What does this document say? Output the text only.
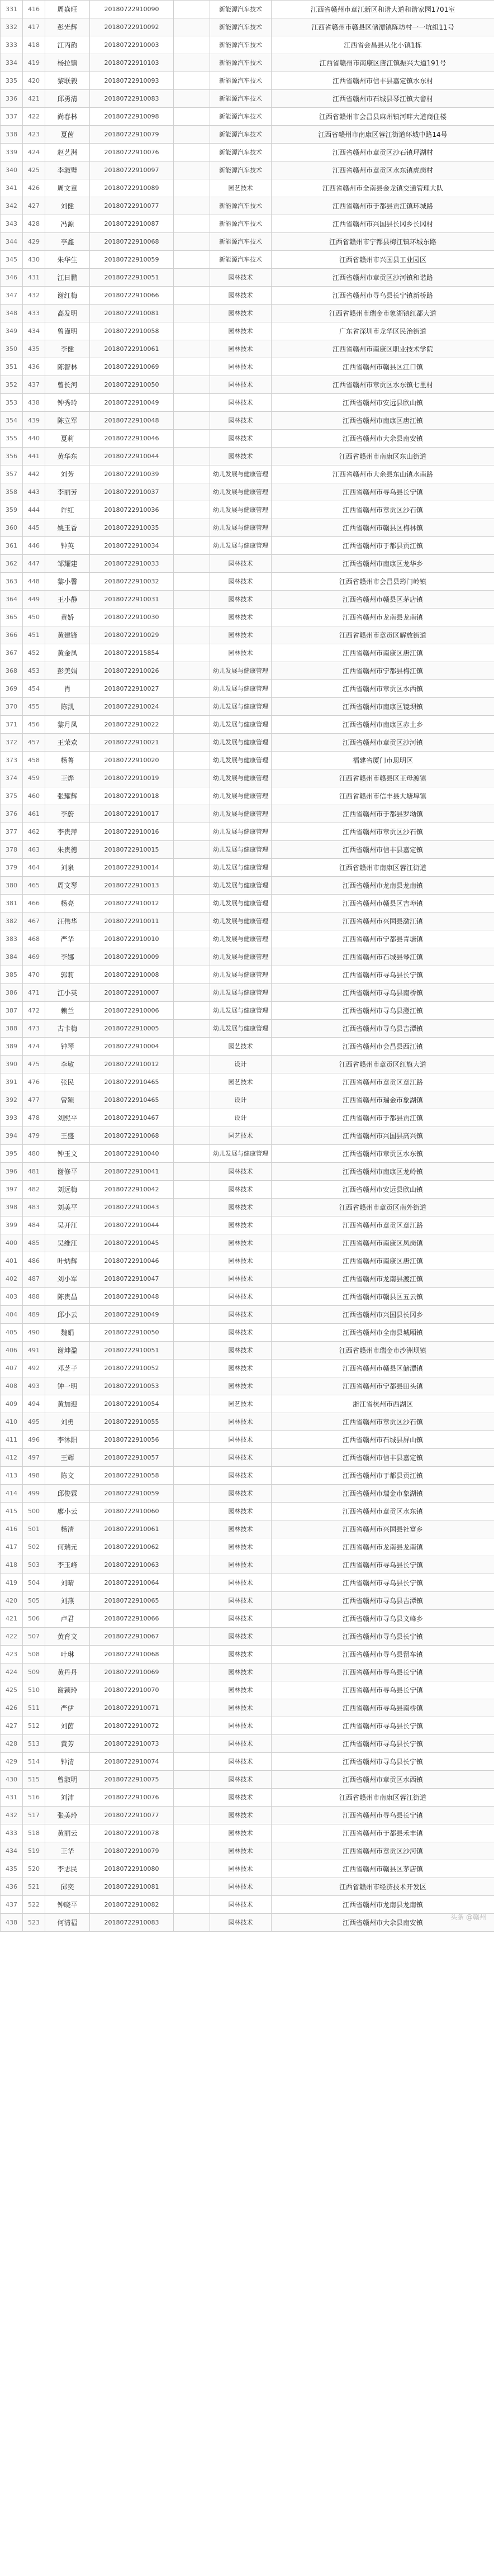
331	416	周焱旺	20180722910090		新能源汽车技术	江西省赣州市章江新区和谐大道和谐家园1701室
332	417	彭光辉	20180722910092		新能源汽车技术	江西省赣州市赣县区储潭镇陈坊村一一坑组11号
333	418	江丙韵	20180722910003		新能源汽车技术	江西省会昌县从化小镇1栋
334	419	杨拉镇	20180722910103		新能源汽车技术	江西省赣州市南康区唐江镇振兴大道191号
335	420	黎联毅	20180722910093		新能源汽车技术	江西省赣州市信丰县嘉定镇水东村
336	421	邱勇清	20180722910083		新能源汽车技术	江西省赣州市石城县琴江镇大畲村
337	422	尚春林	20180722910098		新能源汽车技术	江西省赣州市会昌县麻州镇河畔大道商住楼
338	423	夏茵	20180722910079		新能源汽车技术	江西省赣州市南康区蓉江街道环城中路14号
339	424	赵艺洲	20180722910076		新能源汽车技术	江西省赣州市章贡区沙石镇坪湖村
340	425	李淑璧	20180722910097		新能源汽车技术	江西省赣州市章贡区水东镇虎岗村
341	426	周文童	20180722910089		园艺技术	江西省赣州市全南县金龙镇交通管理大队
342	427	刘健	20180722910077		新能源汽车技术	江西省赣州市于都县贡江镇环城路
343	428	冯源	20180722910087		新能源汽车技术	江西省赣州市兴国县长冈乡长冈村
344	429	李鑫	20180722910068		新能源汽车技术	江西省赣州市宁都县梅江镇环城东路
345	430	朱华生	20180722910059		新能源汽车技术	江西省赣州市兴国县工业园区
346	431	江日鹏	20180722910051		园林技术	江西省赣州市章贡区沙河镇和谐路
347	432	谢红梅	20180722910066		园林技术	江西省赣州市寻乌县长宁镇新桥路
348	433	高发明	20180722910081		园林技术	江西省赣州市瑞金市象湖镇红都大道
349	434	曾谨明	20180722910058		园林技术	广东省深圳市龙华区民治街道
350	435	李健	20180722910061		园林技术	江西省赣州市南康区职业技术学院
351	436	陈智林	20180722910069		园林技术	江西省赣州市赣县区江口镇
352	437	曾长河	20180722910050		园林技术	江西省赣州市章贡区水东镇七里村
353	438	钟秀玲	20180722910049		园林技术	江西省赣州市安远县欣山镇
354	439	陈立军	20180722910048		园林技术	江西省赣州市南康区唐江镇
355	440	夏莉	20180722910046		园林技术	江西省赣州市大余县南安镇
356	441	黄华东	20180722910044		园林技术	江西省赣州市南康区东山街道
357	442	刘芳	20180722910039		幼儿发展与健康管理	江西省赣州市大余县东山镇水南路
358	443	李丽芳	20180722910037		幼儿发展与健康管理	江西省赣州市寻乌县长宁镇
359	444	许红	20180722910036		幼儿发展与健康管理	江西省赣州市章贡区沙石镇
360	445	姚玉香	20180722910035		幼儿发展与健康管理	江西省赣州市赣县区梅林镇
361	446	钟英	20180722910034		幼儿发展与健康管理	江西省赣州市于都县贡江镇
362	447	邹耀建	20180722910033		园林技术	江西省赣州市南康区龙华乡
363	448	黎小馨	20180722910032		园林技术	江西省赣州市会昌县筠门岭镇
364	449	王小静	20180722910031		园林技术	江西省赣州市赣县区茅店镇
365	450	黄娇	20180722910030		园林技术	江西省赣州市龙南县龙南镇
366	451	黄建锋	20180722910029		园林技术	江西省赣州市章贡区解放街道
367	452	黄金凤	20180722915854		园林技术	江西省赣州市南康区唐江镇
368	453	彭美娟	20180722910026		幼儿发展与健康管理	江西省赣州市宁都县梅江镇
369	454	肖	20180722910027		幼儿发展与健康管理	江西省赣州市章贡区水西镇
370	455	陈凯	20180722910024		幼儿发展与健康管理	江西省赣州市南康区镜坝镇
371	456	黎月凤	20180722910022		幼儿发展与健康管理	江西省赣州市南康区赤土乡
372	457	王荣欢	20180722910021		幼儿发展与健康管理	江西省赣州市章贡区沙河镇
373	458	杨菁	20180722910020		幼儿发展与健康管理	福建省厦门市思明区
374	459	王烨	20180722910019		幼儿发展与健康管理	江西省赣州市赣县区王母渡镇
375	460	张耀辉	20180722910018		幼儿发展与健康管理	江西省赣州市信丰县大塘埠镇
376	461	李蔚	20180722910017		幼儿发展与健康管理	江西省赣州市于都县罗坳镇
377	462	李贵萍	20180722910016		幼儿发展与健康管理	江西省赣州市章贡区沙石镇
378	463	朱贵德	20180722910015		幼儿发展与健康管理	江西省赣州市信丰县嘉定镇
379	464	刘泉	20180722910014		幼儿发展与健康管理	江西省赣州市南康区蓉江街道
380	465	周文琴	20180722910013		幼儿发展与健康管理	江西省赣州市龙南县龙南镇
381	466	杨亮	20180722910012		幼儿发展与健康管理	江西省赣州市赣县区吉埠镇
382	467	汪伟华	20180722910011		幼儿发展与健康管理	江西省赣州市兴国县潋江镇
383	468	严华	20180722910010		幼儿发展与健康管理	江西省赣州市宁都县青塘镇
384	469	李娜	20180722910009		幼儿发展与健康管理	江西省赣州市石城县琴江镇
385	470	郭莉	20180722910008		幼儿发展与健康管理	江西省赣州市寻乌县长宁镇
386	471	江小英	20180722910007		幼儿发展与健康管理	江西省赣州市寻乌县南桥镇
387	472	赖兰	20180722910006		幼儿发展与健康管理	江西省赣州市寻乌县澄江镇
388	473	古卡梅	20180722910005		幼儿发展与健康管理	江西省赣州市寻乌县吉潭镇
389	474	钟琴	20180722910004		园艺技术	江西省赣州市会昌县西江镇
390	475	李敏	20180722910012		设计	江西省赣州市章贡区红旗大道
391	476	张民	20180722910465		园艺技术	江西省赣州市章贡区章江路
392	477	曾颖	20180722910465		设计	江西省赣州市瑞金市象湖镇
393	478	刘熙平	20180722910467		设计	江西省赣州市于都县贡江镇
394	479	王盛	20180722910068		园艺技术	江西省赣州市兴国县高兴镇
395	480	钟玉文	20180722910040		幼儿发展与健康管理	江西省赣州市章贡区水东镇
396	481	谢修平	20180722910041		园林技术	江西省赣州市南康区龙岭镇
397	482	刘远梅	20180722910042		园林技术	江西省赣州市安远县欣山镇
398	483	刘美平	20180722910043		园林技术	江西省赣州市章贡区南外街道
399	484	吴开江	20180722910044		园林技术	江西省赣州市章贡区章江路
400	485	吴维江	20180722910045		园林技术	江西省赣州市南康区凤岗镇
401	486	叶炳辉	20180722910046		园林技术	江西省赣州市南康区唐江镇
402	487	刘小军	20180722910047		园林技术	江西省赣州市龙南县渡江镇
403	488	陈贵昌	20180722910048		园林技术	江西省赣州市赣县区五云镇
404	489	邱小云	20180722910049		园林技术	江西省赣州市兴国县长冈乡
405	490	魏娟	20180722910050		园林技术	江西省赣州市全南县城厢镇
406	491	谢坤盈	20180722910051		园林技术	江西省赣州市瑞金市沙洲坝镇
407	492	邓芝子	20180722910052		园林技术	江西省赣州市赣县区储潭镇
408	493	钟一明	20180722910053		园林技术	江西省赣州市宁都县田头镇
409	494	黄加迎	20180722910054		园艺技术	浙江省杭州市西湖区
410	495	刘勇	20180722910055		园林技术	江西省赣州市章贡区沙石镇
411	496	李沐阳	20180722910056		园林技术	江西省赣州市石城县屏山镇
412	497	王辉	20180722910057		园林技术	江西省赣州市信丰县嘉定镇
413	498	陈文	20180722910058		园林技术	江西省赣州市于都县贡江镇
414	499	邱俊霖	20180722910059		园林技术	江西省赣州市瑞金市象湖镇
415	500	廖小云	20180722910060		园林技术	江西省赣州市章贡区水东镇
416	501	杨清	20180722910061		园林技术	江西省赣州市兴国县社富乡
417	502	何瑞元	20180722910062		园林技术	江西省赣州市龙南县龙南镇
418	503	李玉峰	20180722910063		园林技术	江西省赣州市寻乌县长宁镇
419	504	刘晴	20180722910064		园林技术	江西省赣州市寻乌县长宁镇
420	505	刘燕	20180722910065		园林技术	江西省赣州市寻乌县吉潭镇
421	506	卢君	20180722910066		园林技术	江西省赣州市寻乌县文峰乡
422	507	黄育文	20180722910067		园林技术	江西省赣州市寻乌县长宁镇
423	508	叶琳	20180722910068		园林技术	江西省赣州市寻乌县留车镇
424	509	黄丹丹	20180722910069		园林技术	江西省赣州市寻乌县长宁镇
425	510	谢颖玲	20180722910070		园林技术	江西省赣州市寻乌县长宁镇
426	511	严伊	20180722910071		园林技术	江西省赣州市寻乌县南桥镇
427	512	刘茵	20180722910072		园林技术	江西省赣州市寻乌县长宁镇
428	513	黄芳	20180722910073		园林技术	江西省赣州市寻乌县长宁镇
429	514	钟清	20180722910074		园林技术	江西省赣州市寻乌县长宁镇
430	515	曾淑明	20180722910075		园林技术	江西省赣州市章贡区水西镇
431	516	刘沛	20180722910076		园林技术	江西省赣州市南康区蓉江街道
432	517	张美玲	20180722910077		园林技术	江西省赣州市寻乌县长宁镇
433	518	黄丽云	20180722910078		园林技术	江西省赣州市于都县禾丰镇
434	519	王华	20180722910079		园林技术	江西省赣州市章贡区沙河镇
435	520	李志民	20180722910080		园林技术	江西省赣州市赣县区茅店镇
436	521	邱奕	20180722910081		园林技术	江西省赣州市经济技术开发区
437	522	钟晓平	20180722910082		园林技术	江西省赣州市龙南县龙南镇
438	523	何清福	20180722910083		园林技术	江西省赣州市大余县南安镇
头条 @赣州
